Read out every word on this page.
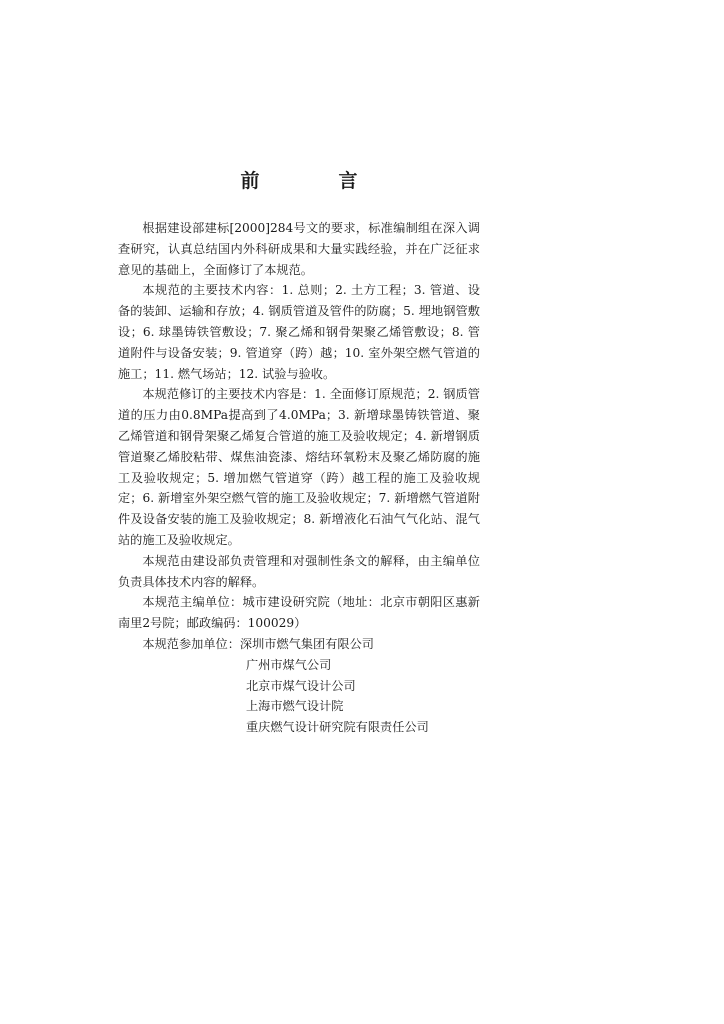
前　言

根据建设部建标[2000]284号文的要求，标准编制组在深入调查研究，认真总结国内外科研成果和大量实践经验，并在广泛征求意见的基础上，全面修订了本规范。

本规范的主要技术内容：1. 总则；2. 土方工程；3. 管道、设备的装卸、运输和存放；4. 钢质管道及管件的防腐；5. 埋地钢管敷设；6. 球墨铸铁管敷设；7. 聚乙烯和钢骨架聚乙烯管敷设；8. 管道附件与设备安装；9. 管道穿（跨）越；10. 室外架空燃气管道的施工；11. 燃气场站；12. 试验与验收。

本规范修订的主要技术内容是：1. 全面修订原规范；2. 钢质管道的压力由0.8MPa提高到了4.0MPa；3. 新增球墨铸铁管道、聚乙烯管道和钢骨架聚乙烯复合管道的施工及验收规定；4. 新增钢质管道聚乙烯胶粘带、煤焦油瓷漆、熔结环氧粉末及聚乙烯防腐的施工及验收规定；5. 增加燃气管道穿（跨）越工程的施工及验收规定；6. 新增室外架空燃气管的施工及验收规定；7. 新增燃气管道附件及设备安装的施工及验收规定；8. 新增液化石油气气化站、混气站的施工及验收规定。

本规范由建设部负责管理和对强制性条文的解释，由主编单位负责具体技术内容的解释。

本规范主编单位：城市建设研究院（地址：北京市朝阳区惠新南里2号院；邮政编码：100029）

本规范参加单位：深圳市燃气集团有限公司
广州市煤气公司
北京市煤气设计公司
上海市燃气设计院
重庆燃气设计研究院有限责任公司
